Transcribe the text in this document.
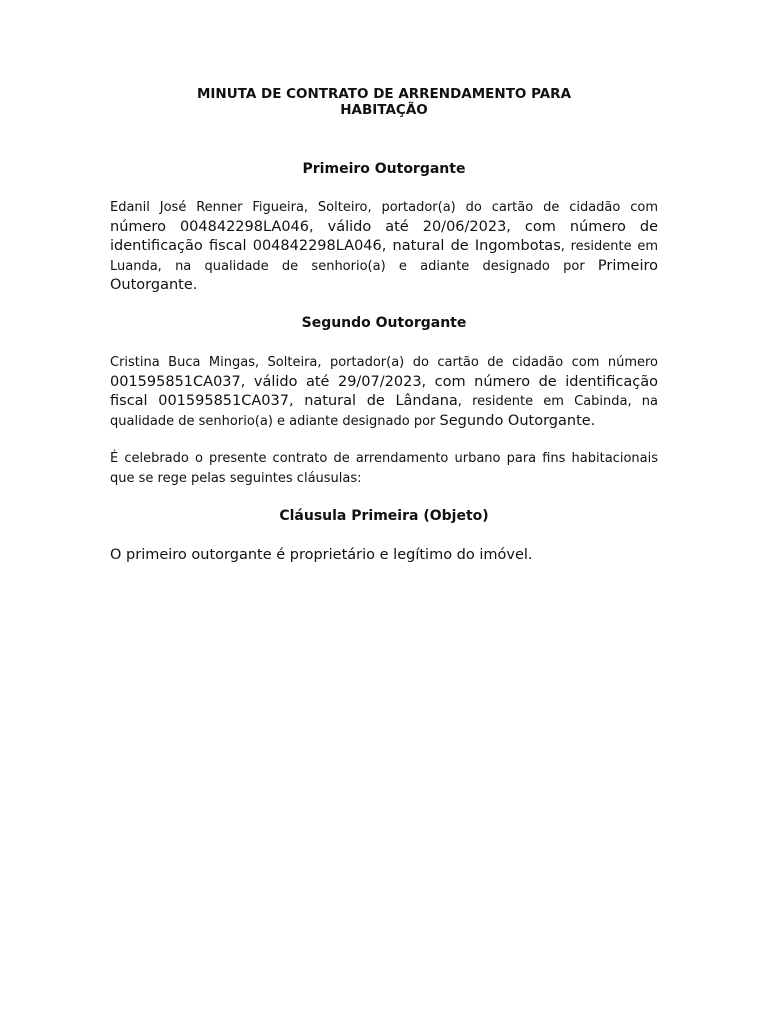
MINUTA DE CONTRATO DE ARRENDAMENTO PARA
HABITAÇÃO
Primeiro Outorgante

Edanil José Renner Figueira, Solteiro, portador(a) do cartão de cidadão com número 004842298LA046, válido até 20/06/2023, com número de identificação fiscal 004842298LA046, natural de Ingombotas, residente em Luanda, na qualidade de senhorio(a) e adiante designado por Primeiro Outorgante.

Segundo Outorgante

Cristina Buca Mingas, Solteira, portador(a) do cartão de cidadão com número 001595851CA037, válido até 29/07/2023, com número de identificação fiscal 001595851CA037, natural de Lândana, residente em Cabinda, na qualidade de senhorio(a) e adiante designado por Segundo Outorgante.

É celebrado o presente contrato de arrendamento urbano para fins habitacionais que se rege pelas seguintes cláusulas:

Cláusula Primeira (Objeto)

O primeiro outorgante é proprietário e legítimo do imóvel.
